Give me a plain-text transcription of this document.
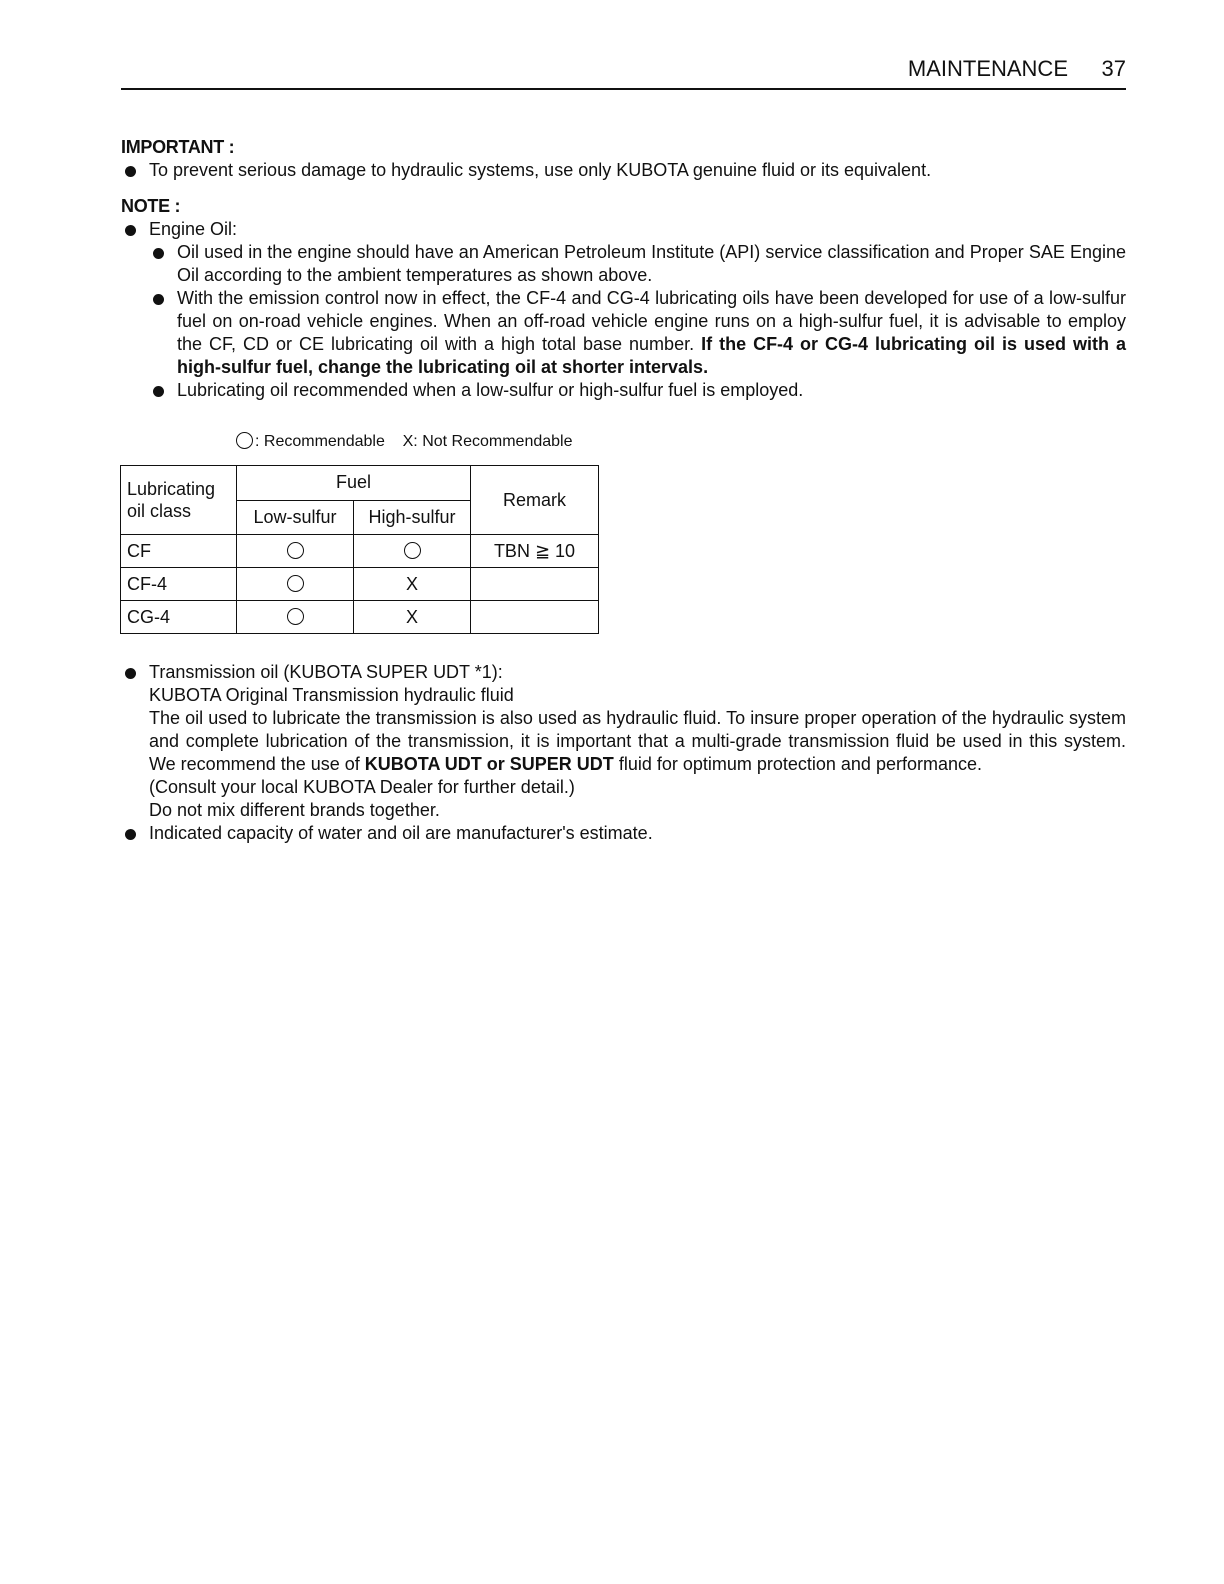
MAINTENANCE 37
IMPORTANT :
To prevent serious damage to hydraulic systems, use only KUBOTA genuine fluid or its equivalent.
NOTE :
Engine Oil:
Oil used in the engine should have an American Petroleum Institute (API) service classification and Proper SAE Engine Oil according to the ambient temperatures as shown above.
With the emission control now in effect, the CF-4 and CG-4 lubricating oils have been developed for use of a low-sulfur fuel on on-road vehicle engines. When an off-road vehicle engine runs on a high-sulfur fuel, it is advisable to employ the CF, CD or CE lubricating oil with a high total base number. If the CF-4 or CG-4 lubricating oil is used with a high-sulfur fuel, change the lubricating oil at shorter intervals.
Lubricating oil recommended when a low-sulfur or high-sulfur fuel is employed.
: Recommendable X: Not Recommendable
Lubricating oil class	Fuel		Remark
	Low-sulfur	High-sulfur	
CF			TBN ≧ 10
CF-4		X	
CG-4		X	
Transmission oil (KUBOTA SUPER UDT *1):
KUBOTA Original Transmission hydraulic fluid
The oil used to lubricate the transmission is also used as hydraulic fluid. To insure proper operation of the hydraulic system and complete lubrication of the transmission, it is important that a multi-grade transmission fluid be used in this system. We recommend the use of KUBOTA UDT or SUPER UDT fluid for optimum protection and performance.
(Consult your local KUBOTA Dealer for further detail.)
Do not mix different brands together.
Indicated capacity of water and oil are manufacturer's estimate.
